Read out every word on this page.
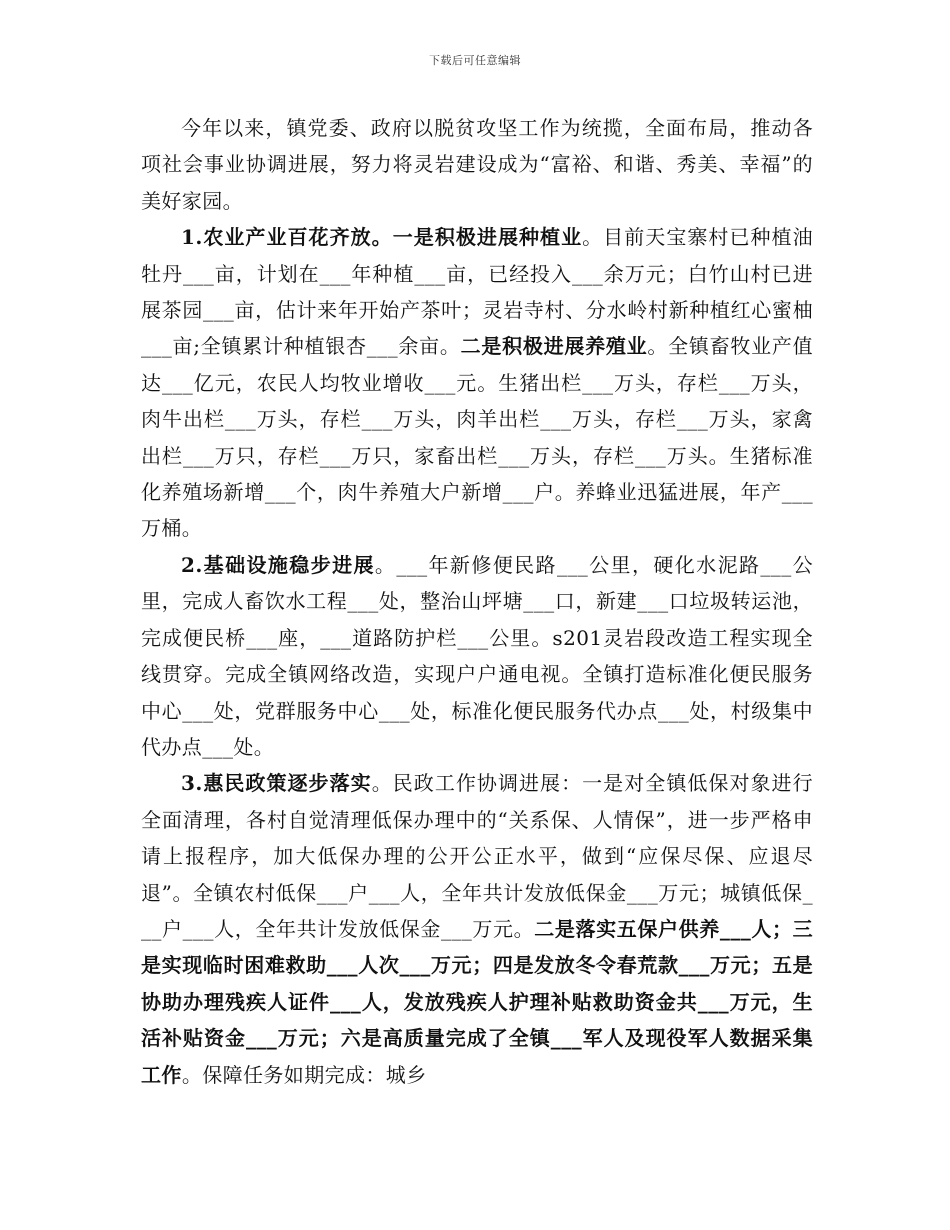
下载后可任意编辑

今年以来，镇党委、政府以脱贫攻坚工作为统揽，全面布局，推动各项社会事业协调进展，努力将灵岩建设成为“富裕、和谐、秀美、幸福”的美好家园。

1.农业产业百花齐放。一是积极进展种植业。目前天宝寨村已种植油牡丹___亩，计划在___年种植___亩，已经投入___余万元；白竹山村已进展茶园___亩，估计来年开始产茶叶；灵岩寺村、分水岭村新种植红心蜜柚___亩;全镇累计种植银杏___余亩。二是积极进展养殖业。全镇畜牧业产值达___亿元，农民人均牧业增收___元。生猪出栏___万头，存栏___万头，肉牛出栏___万头，存栏___万头，肉羊出栏___万头，存栏___万头，家禽出栏___万只，存栏___万只，家畜出栏___万头，存栏___万头。生猪标准化养殖场新增___个，肉牛养殖大户新增___户。养蜂业迅猛进展，年产___万桶。

2.基础设施稳步进展。___年新修便民路___公里，硬化水泥路___公里，完成人畜饮水工程___处，整治山坪塘___口，新建___口垃圾转运池，完成便民桥___座，___道路防护栏___公里。s201灵岩段改造工程实现全线贯穿。完成全镇网络改造，实现户户通电视。全镇打造标准化便民服务中心___处，党群服务中心___处，标准化便民服务代办点___处，村级集中代办点___处。

3.惠民政策逐步落实。民政工作协调进展：一是对全镇低保对象进行全面清理，各村自觉清理低保办理中的“关系保、人情保”，进一步严格申请上报程序，加大低保办理的公开公正水平，做到“应保尽保、应退尽退”。全镇农村低保___户___人，全年共计发放低保金___万元；城镇低保___户___人，全年共计发放低保金___万元。二是落实五保户供养___人；三是实现临时困难救助___人次___万元；四是发放冬令春荒款___万元；五是协助办理残疾人证件___人，发放残疾人护理补贴救助资金共___万元，生活补贴资金___万元；六是高质量完成了全镇___军人及现役军人数据采集工作。保障任务如期完成：城乡
